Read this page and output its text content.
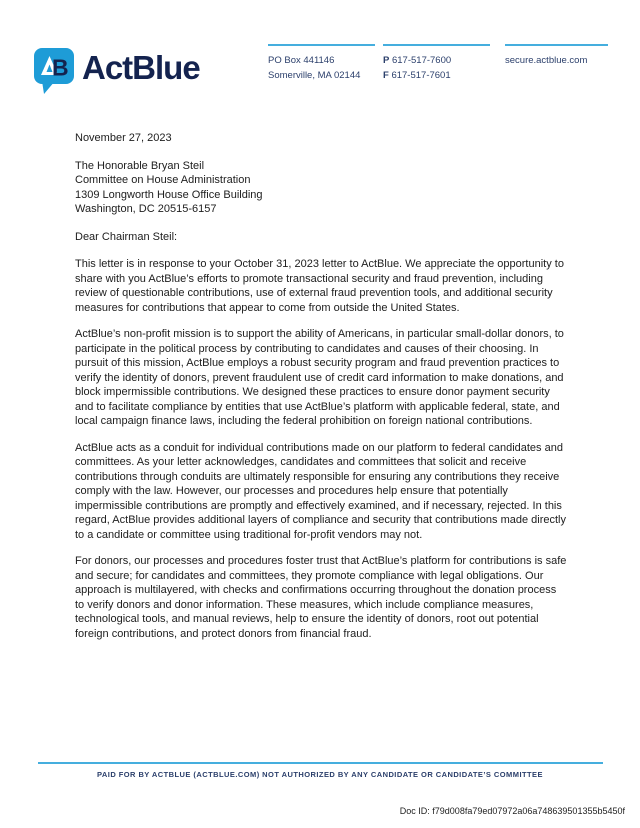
B ActBlue	PO Box 441146
Somerville, MA 02144
P 617-517-7600
F 617-517-7601
secure.actblue.com
November 27, 2023
The Honorable Bryan Steil
Committee on House Administration
1309 Longworth House Office Building
Washington, DC 20515-6157
Dear Chairman Steil:

This letter is in response to your October 31, 2023 letter to ActBlue. We appreciate the opportunity to share with you ActBlue’s efforts to promote transactional security and fraud prevention, including review of questionable contributions, use of external fraud prevention tools, and additional security measures for contributions that appear to come from outside the United States.

ActBlue’s non-profit mission is to support the ability of Americans, in particular small-dollar donors, to participate in the political process by contributing to candidates and causes of their choosing. In pursuit of this mission, ActBlue employs a robust security program and fraud prevention practices to verify the identity of donors, prevent fraudulent use of credit card information to make donations, and block impermissible contributions. We designed these practices to ensure donor payment security and to facilitate compliance by entities that use ActBlue’s platform with applicable federal, state, and local campaign finance laws, including the federal prohibition on foreign national contributions.

ActBlue acts as a conduit for individual contributions made on our platform to federal candidates and committees. As your letter acknowledges, candidates and committees that solicit and receive contributions through conduits are ultimately responsible for ensuring any contributions they receive comply with the law. However, our processes and procedures help ensure that potentially impermissible contributions are promptly and effectively examined, and if necessary, rejected. In this regard, ActBlue provides additional layers of compliance and security that contributions made directly to a candidate or committee using traditional for-profit vendors may not.

For donors, our processes and procedures foster trust that ActBlue’s platform for contributions is safe and secure; for candidates and committees, they promote compliance with legal obligations. Our approach is multilayered, with checks and confirmations occurring throughout the donation process to verify donors and donor information. These measures, which include compliance measures, technological tools, and manual reviews, help to ensure the identity of donors, root out potential foreign contributions, and protect donors from financial fraud.

PAID FOR BY ACTBLUE (ACTBLUE.COM) NOT AUTHORIZED BY ANY CANDIDATE OR CANDIDATE’S COMMITTEE
Doc ID: f79d008fa79ed07972a06a748639501355b5450f
